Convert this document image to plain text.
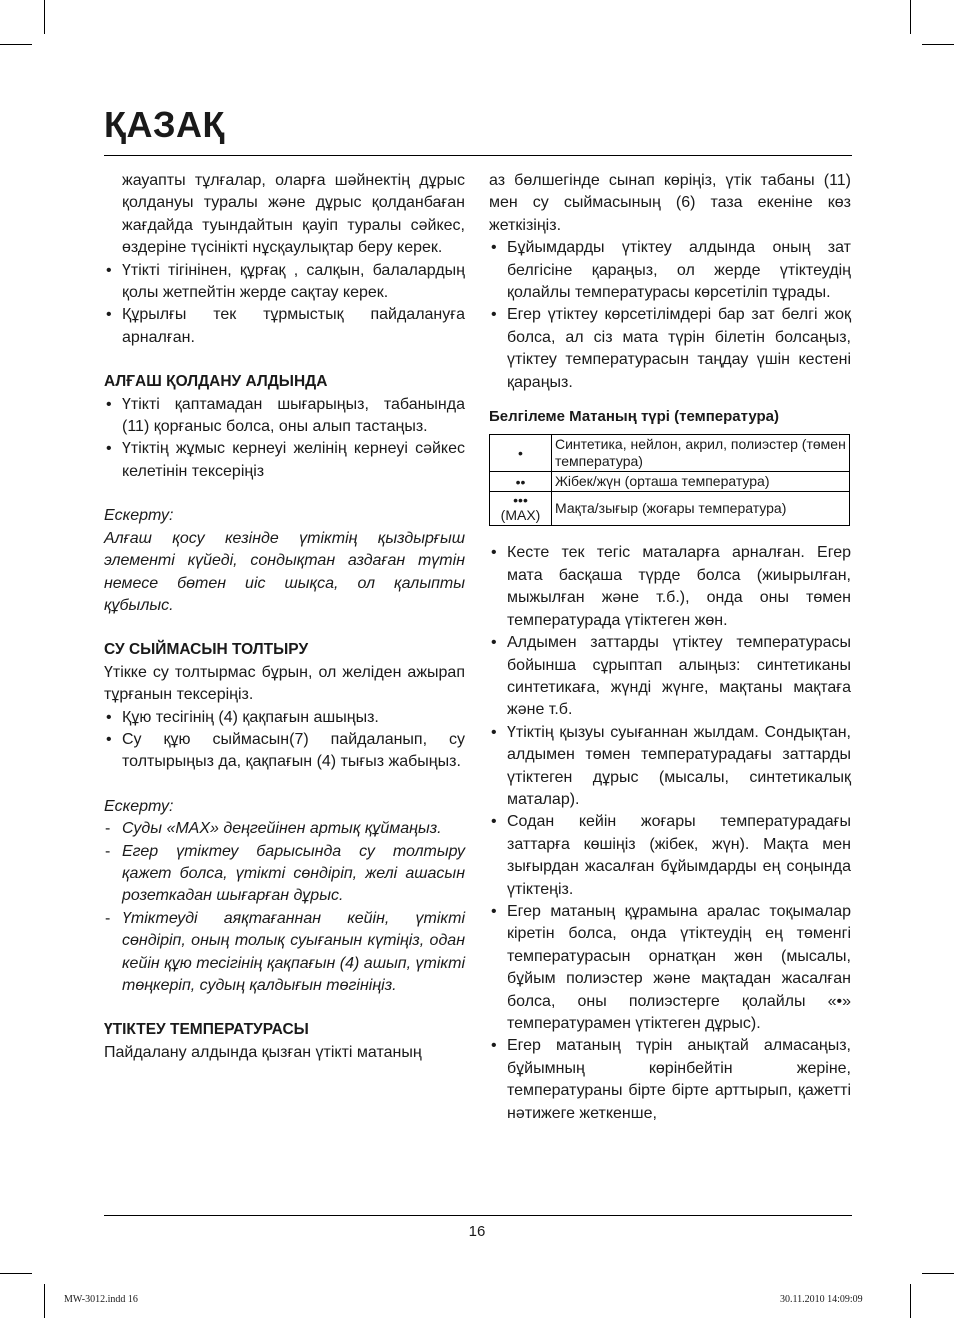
ҚАЗАҚ
жауапты тұлғалар, оларға шәйнектің дұрыс қолдануы туралы және дұрыс қолданбаған жағдайда туындайтын қауіп туралы сәйкес, өздеріне түсінікті нұсқаулықтар беру керек.
• Үтікті тігінінен, құрғақ , салқын, балалардың қолы жетпейтін жерде сақтау керек.
• Құрылғы тек тұрмыстық пайдалануға арналған.
АЛҒАШ ҚОЛДАНУ АЛДЫНДА
• Үтікті қаптамадан шығарыңыз, табанында (11) қорғаныс болса, оны алып тастаңыз.
• Үтіктің жұмыс кернеуі желінің кернеуі сәйкес келетінін тексеріңіз
Ескерту:
Алғаш қосу кезінде үтіктің қыздырғыш элементі күйеді, сондықтан аздаған түтін немесе бөтен иіс шықса, ол қалыпты құбылыс.
СУ СЫЙМАСЫН ТОЛТЫРУ
Үтікке су толтырмас бұрын, ол желіден ажырап тұрғанын тексеріңіз.
• Құю тесігінің (4) қақпағын ашыңыз.
• Су құю сыймасын(7) пайдаланып, су толтырыңыз да, қақпағын (4) тығыз жабыңыз.
Ескерту:
- Суды «MAX» деңгейінен артық құймаңыз.
- Егер үтіктеу барысында су толтыру қажет болса, үтікті сөндіріп, желі ашасын розеткадан шығарған дұрыс.
- Үтіктеуді аяқтағаннан кейін, үтікті сөндіріп, оның толық суығанын күтіңіз, одан кейін құю тесігінің қақпағын (4) ашып, үтікті төңкеріп, судың қалдығын төгініңіз.
ҮТІКТЕУ ТЕМПЕРАТУРАСЫ
Пайдалану алдында қызған үтікті матаның
аз бөлшегінде сынап көріңіз, үтік табаны (11) мен су сыймасының (6) таза екеніне көз жеткізіңіз.
• Бұйымдарды үтіктеу алдында оның зат белгісіне қараңыз, ол жерде үтіктеудің қолайлы температурасы көрсетіліп тұрады.
• Егер үтіктеу көрсетілімдері бар зат белгі жоқ болса, ал сіз мата түрін білетін болсаңыз, үтіктеу температурасын таңдау үшін кестені қараңыз.
Белгілеме Матаның түрі (температура)
•	Синтетика, нейлон, акрил, полиэстер (төмен температура)

••	Жібек/жүн (орташа температура)

•••
(MAX)	Мақта/зығыр (жоғары температура)
• Кесте тек тегіс маталарға арналған. Егер мата басқаша түрде болса (жиырылған, мыжылған және т.б.), онда оны төмен температурада үтіктеген жөн.
• Алдымен заттарды үтіктеу температурасы бойынша сұрыптап алыңыз: синтетиканы синтетикаға, жүнді жүнге, мақтаны мақтаға және т.б.
• Үтіктің қызуы суығаннан жылдам. Сондықтан, алдымен төмен температурадағы заттарды үтіктеген дұрыс (мысалы, синтетикалық маталар).
• Содан кейін жоғары температурадағы заттарға көшіңіз (жібек, жүн). Мақта мен зығырдан жасалған бұйымдарды ең соңында үтіктеңіз.
• Егер матаның құрамына аралас тоқымалар кіретін болса, онда үтіктеудің ең төменгі температурасын орнатқан жөн (мысалы, бұйым полиэстер және мақтадан жасалған болса, оны полиэстерге қолайлы «•» температурамен үтіктеген дұрыс).
• Егер матаның түрін анықтай алмасаңыз, бұйымның көрінбейтін жеріне, температураны бірте бірте арттырып, қажетті нәтижеге жеткенше,
16
MW-3012.indd 16	30.11.2010 14:09:09
